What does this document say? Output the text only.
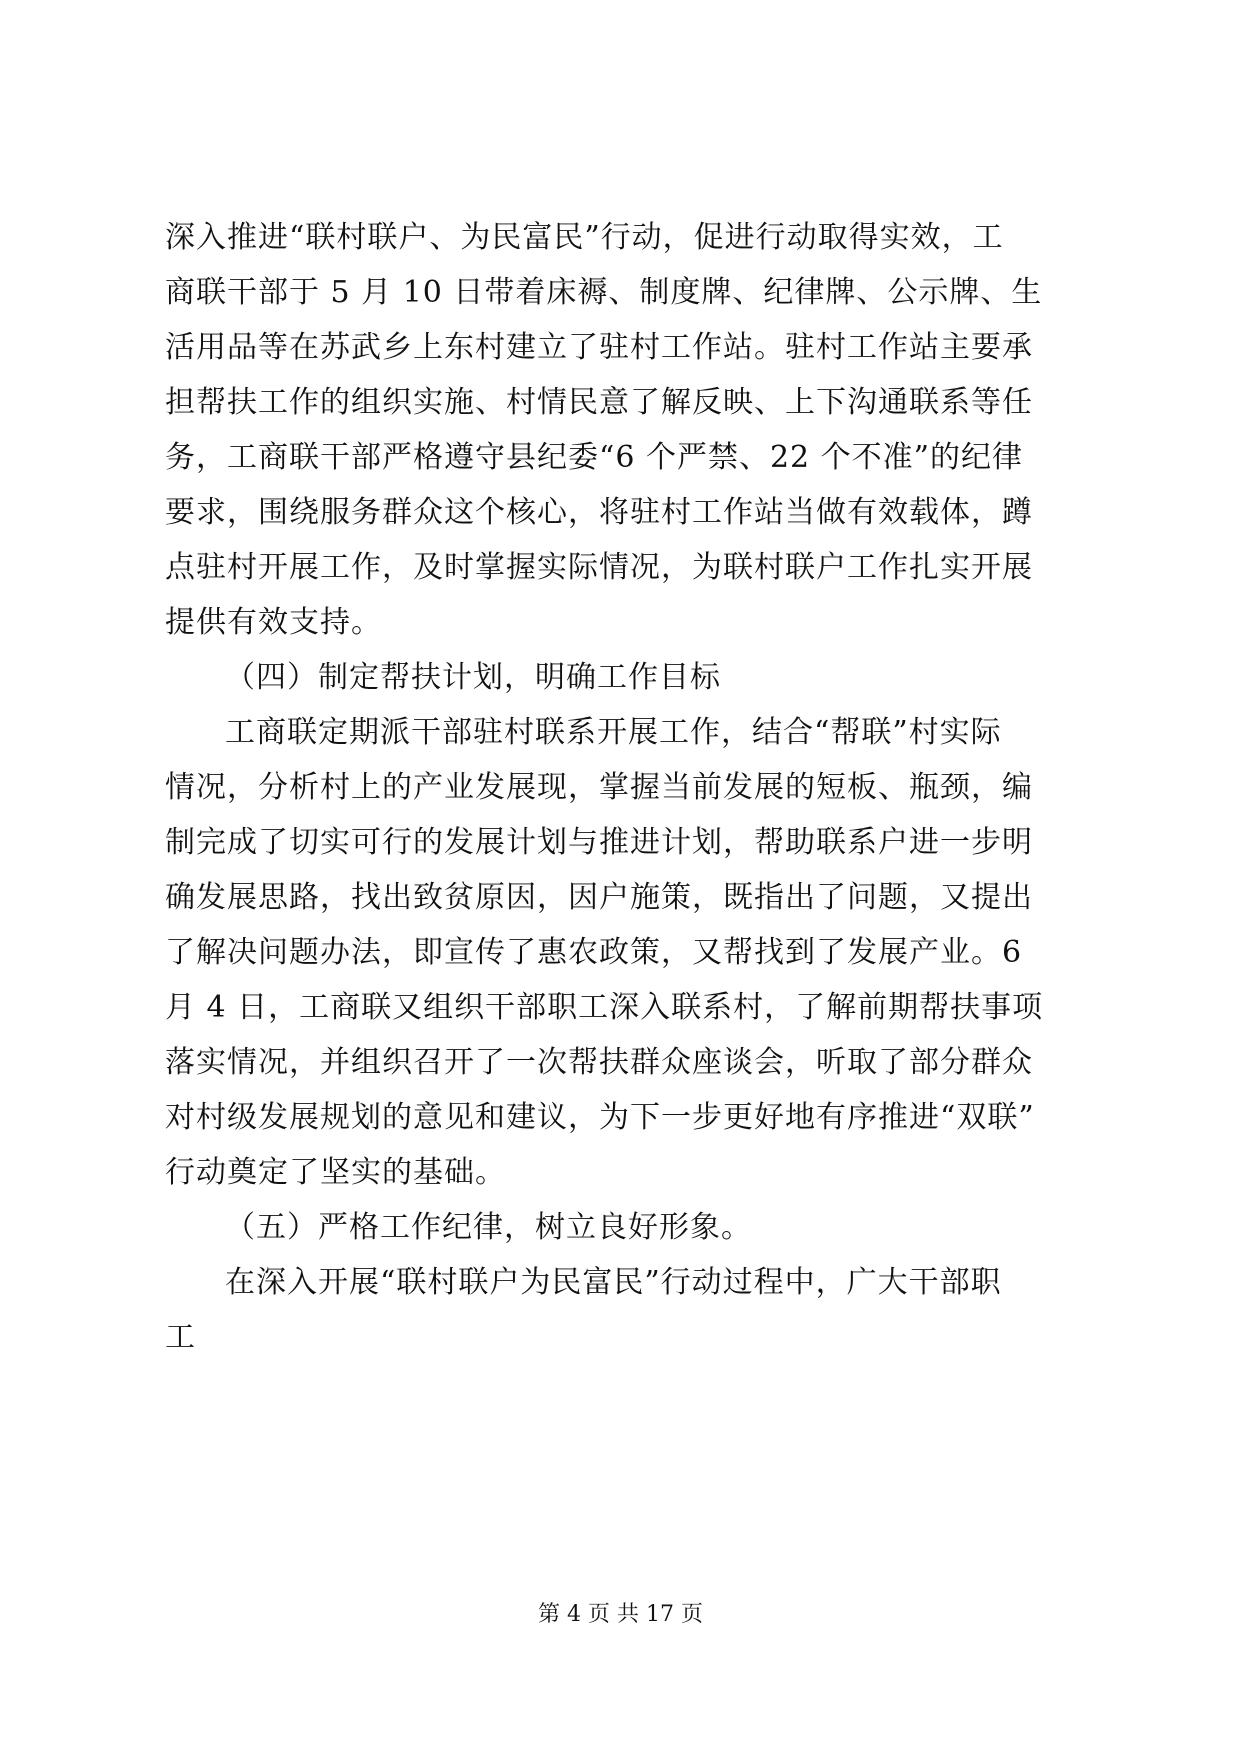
深入推进“联村联户、为民富民”行动，促进行动取得实效，工
商联干部于 5 月 10 日带着床褥、制度牌、纪律牌、公示牌、生
活用品等在苏武乡上东村建立了驻村工作站。驻村工作站主要承
担帮扶工作的组织实施、村情民意了解反映、上下沟通联系等任
务，工商联干部严格遵守县纪委“6 个严禁、22 个不准”的纪律
要求，围绕服务群众这个核心，将驻村工作站当做有效载体，蹲
点驻村开展工作，及时掌握实际情况，为联村联户工作扎实开展
提供有效支持。
（四）制定帮扶计划，明确工作目标
工商联定期派干部驻村联系开展工作，结合“帮联”村实际
情况，分析村上的产业发展现，掌握当前发展的短板、瓶颈，编
制完成了切实可行的发展计划与推进计划，帮助联系户进一步明
确发展思路，找出致贫原因，因户施策，既指出了问题，又提出
了解决问题办法，即宣传了惠农政策，又帮找到了发展产业。6
月 4 日，工商联又组织干部职工深入联系村，了解前期帮扶事项
落实情况，并组织召开了一次帮扶群众座谈会，听取了部分群众
对村级发展规划的意见和建议，为下一步更好地有序推进“双联”
行动奠定了坚实的基础。
（五）严格工作纪律，树立良好形象。
在深入开展“联村联户为民富民”行动过程中，广大干部职
工
第 4 页 共 17 页
